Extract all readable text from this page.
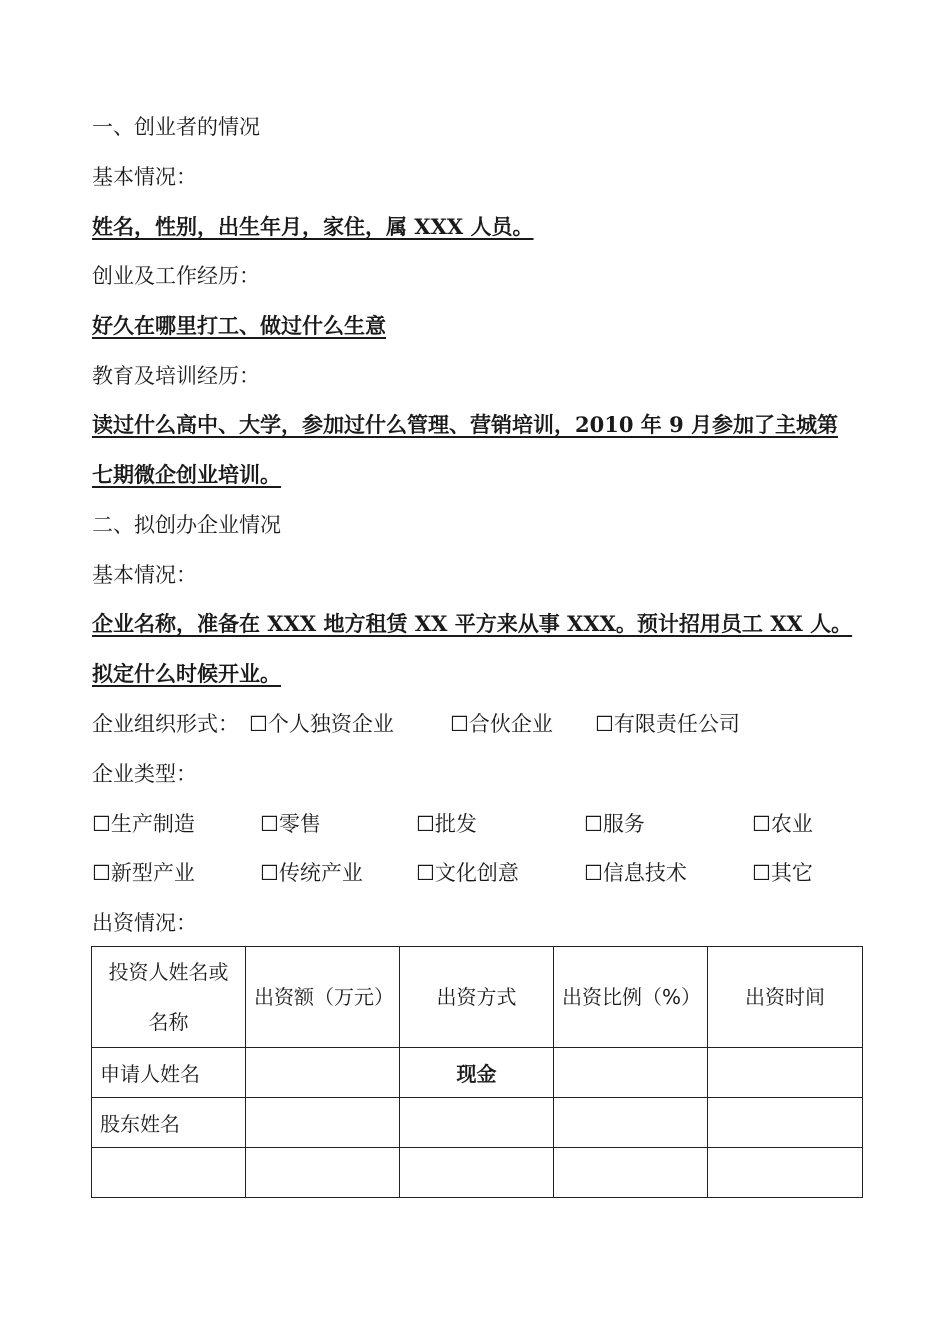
一、创业者的情况
基本情况：
姓名，性别，出生年月，家住，属 XXX 人员。
创业及工作经历：
好久在哪里打工、做过什么生意
教育及培训经历：
读过什么高中、大学，参加过什么管理、营销培训，2010 年 9 月参加了主城第
七期微企创业培训。
二、拟创办企业情况
基本情况：
企业名称，准备在 XXX 地方租赁 XX 平方来从事 XXX。预计招用员工 XX 人。
拟定什么时候开业。
企业组织形式： ☐个人独资企业	☐合伙企业 ☐有限责任公司
企业类型：
☐生产制造	☐零售	☐批发	☐服务	☐农业
☐新型产业	☐传统产业	☐文化创意	☐信息技术	☐其它
出资情况：
投资人姓名或名称	出资额（万元）	出资方式	出资比例（%）	出资时间
申请人姓名		现金		
股东姓名				
